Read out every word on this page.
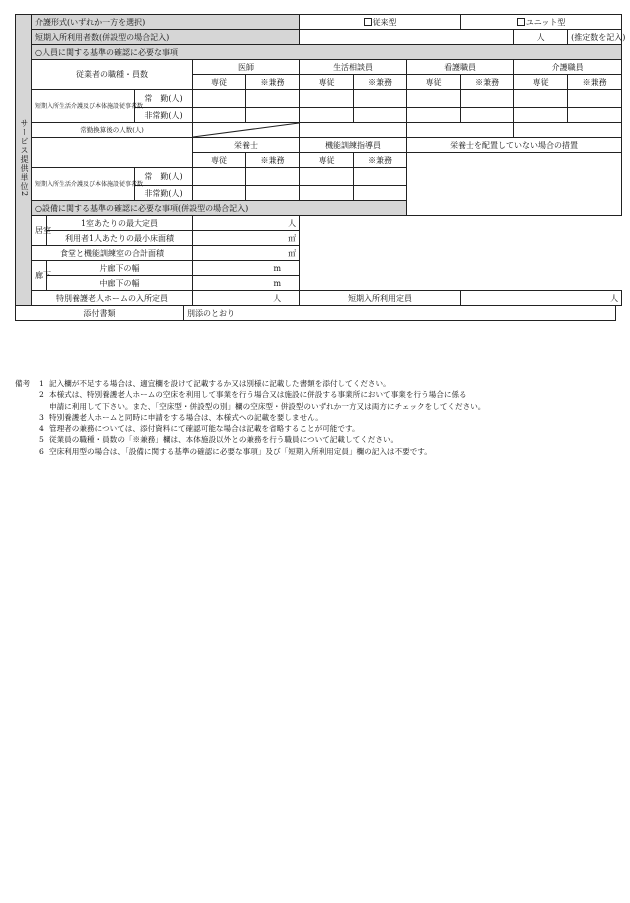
サービス提供単位2	介護形式(いずれか一方を選択)					従来型			ユニット型		
	短期入所利用者数(併設型の場合記入)									人	(推定数を記入)
	○人員に関する基準の確認に必要な事項										
	従業者の職種・員数			医師		生活相談員		看護職員		介護職員	
				専従	※兼務	専従	※兼務	専従	※兼務	専従	※兼務
	短期入所生活介護及び本体施設従事者数		常　勤(人)								
			非常勤(人)								
	常勤換算後の人数(人)	

				栄養士		機能訓練指導員		栄養士を配置していない場合の措置			
				専従	※兼務	専従	※兼務				
	短期入所生活介護及び本体施設従事者数		常　勤(人)								
			非常勤(人)								
	○設備に関する基準の確認に必要な事項(併設型の場合記入)										
	居室	1室あたりの最大定員		人							
		利用者1人あたりの最小床面積		㎡							
	食堂と機能訓練室の合計面積			㎡							
	廊下	片廊下の幅		m							
		中廊下の幅		m							
	特別養護老人ホームの入所定員			人		短期入所利用定員			人		
添付書類	別添のとおり
備考	1 記入欄が不足する場合は、適宜欄を設けて記載するか又は別様に記載した書類を添付してください。
2 本様式は、特別養護老人ホームの空床を利用して事業を行う場合又は施設に併設する事業所において事業を行う場合に係る
申請に利用して下さい。また、「空床型・併設型の別」欄の空床型・併設型のいずれか一方又は両方にチェックをしてください。
3 特別養護老人ホームと同時に申請をする場合は、本様式への記載を要しません。
4 管理者の兼務については、添付資料にて確認可能な場合は記載を省略することが可能です。
5 従業員の職種・員数の「※兼務」欄は、本体施設以外との兼務を行う職員について記載してください。
6 空床利用型の場合は、「設備に関する基準の確認に必要な事項」及び「短期入所利用定員」欄の記入は不要です。
